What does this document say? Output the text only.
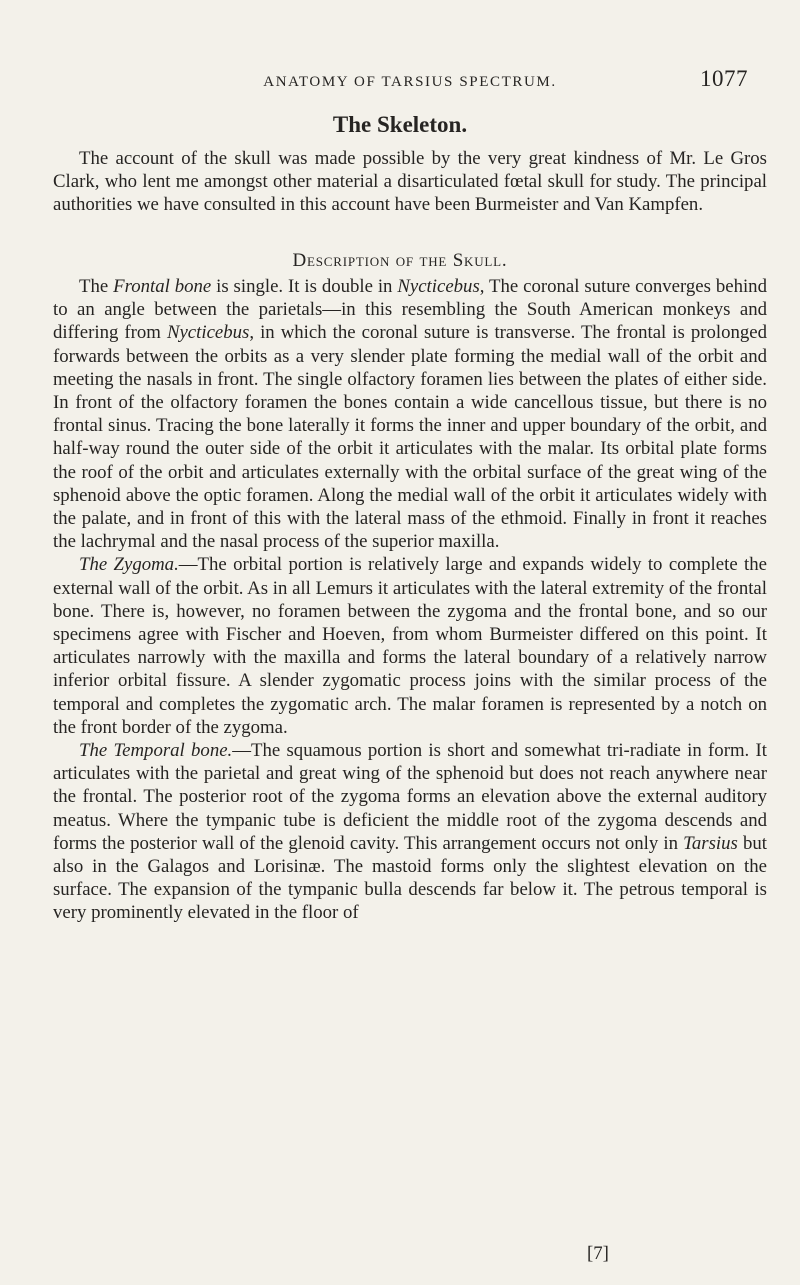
ANATOMY OF TARSIUS SPECTRUM.	1077
The Skeleton.

The account of the skull was made possible by the very great kindness of Mr. Le Gros Clark, who lent me amongst other material a disarticulated fœtal skull for study. The principal authorities we have consulted in this account have been Burmeister and Van Kampfen.

Description of the Skull.

The Frontal bone is single. It is double in Nycticebus, The coronal suture converges behind to an angle between the parietals—in this resembling the South American monkeys and differing from Nycticebus, in which the coronal suture is transverse. The frontal is prolonged forwards between the orbits as a very slender plate forming the medial wall of the orbit and meeting the nasals in front. The single olfactory foramen lies between the plates of either side. In front of the olfactory foramen the bones contain a wide cancellous tissue, but there is no frontal sinus. Tracing the bone laterally it forms the inner and upper boundary of the orbit, and half-way round the outer side of the orbit it articulates with the malar. Its orbital plate forms the roof of the orbit and articulates externally with the orbital surface of the great wing of the sphenoid above the optic foramen. Along the medial wall of the orbit it articulates widely with the palate, and in front of this with the lateral mass of the ethmoid. Finally in front it reaches the lachrymal and the nasal process of the superior maxilla.

The Zygoma.—The orbital portion is relatively large and expands widely to complete the external wall of the orbit. As in all Lemurs it articulates with the lateral extremity of the frontal bone. There is, however, no foramen between the zygoma and the frontal bone, and so our specimens agree with Fischer and Hoeven, from whom Burmeister differed on this point. It articulates narrowly with the maxilla and forms the lateral boundary of a relatively narrow inferior orbital fissure. A slender zygomatic process joins with the similar process of the temporal and completes the zygomatic arch. The malar foramen is represented by a notch on the front border of the zygoma.

The Temporal bone.—The squamous portion is short and somewhat tri-radiate in form. It articulates with the parietal and great wing of the sphenoid but does not reach anywhere near the frontal. The posterior root of the zygoma forms an elevation above the external auditory meatus. Where the tympanic tube is deficient the middle root of the zygoma descends and forms the posterior wall of the glenoid cavity. This arrangement occurs not only in Tarsius but also in the Galagos and Lorisinæ. The mastoid forms only the slightest elevation on the surface. The expansion of the tympanic bulla descends far below it. The petrous temporal is very prominently elevated in the floor of

[7]
